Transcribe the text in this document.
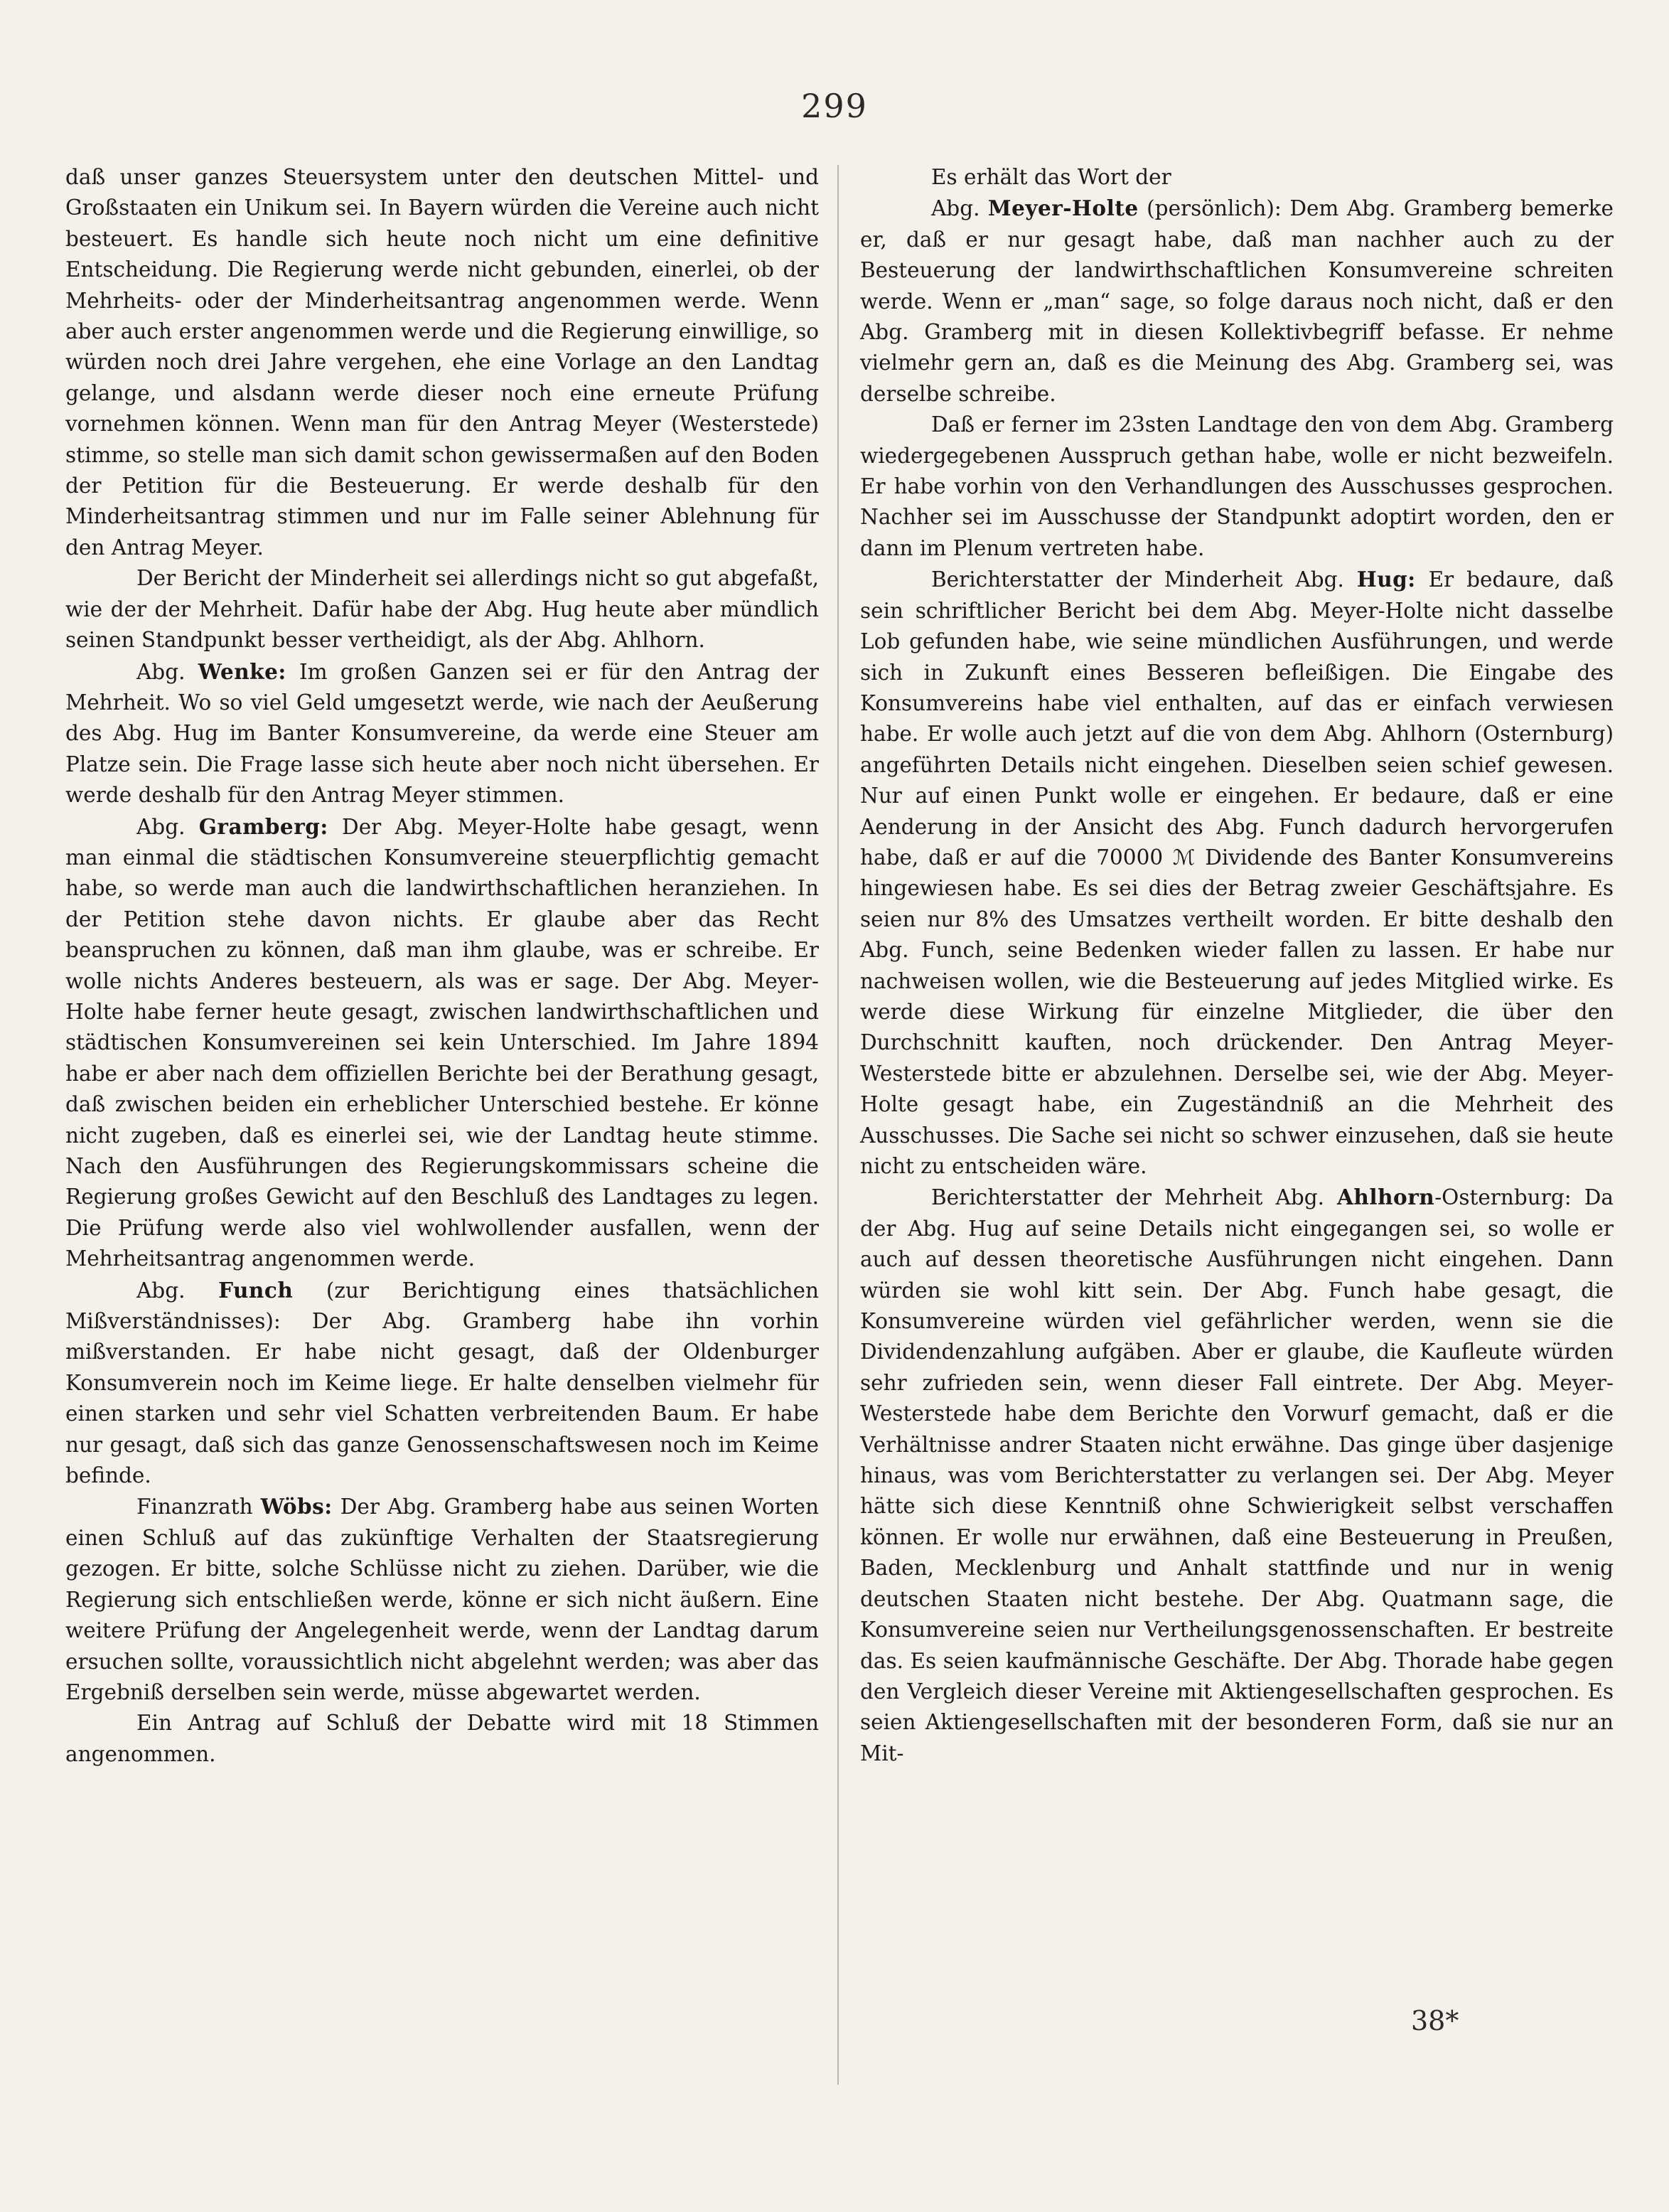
299

daß unser ganzes Steuersystem unter den deutschen Mittel- und Großstaaten ein Unikum sei. In Bayern würden die Vereine auch nicht besteuert. Es handle sich heute noch nicht um eine definitive Entscheidung. Die Regierung werde nicht gebunden, einerlei, ob der Mehrheits- oder der Minderheitsantrag angenommen werde. Wenn aber auch erster angenommen werde und die Regierung einwillige, so würden noch drei Jahre vergehen, ehe eine Vorlage an den Landtag gelange, und alsdann werde dieser noch eine erneute Prüfung vornehmen können. Wenn man für den Antrag Meyer (Westerstede) stimme, so stelle man sich damit schon gewissermaßen auf den Boden der Petition für die Besteuerung. Er werde deshalb für den Minderheitsantrag stimmen und nur im Falle seiner Ablehnung für den Antrag Meyer.

Der Bericht der Minderheit sei allerdings nicht so gut abgefaßt, wie der der Mehrheit. Dafür habe der Abg. Hug heute aber mündlich seinen Standpunkt besser vertheidigt, als der Abg. Ahlhorn.

Abg. Wenke: Im großen Ganzen sei er für den Antrag der Mehrheit. Wo so viel Geld umgesetzt werde, wie nach der Aeußerung des Abg. Hug im Banter Konsumvereine, da werde eine Steuer am Platze sein. Die Frage lasse sich heute aber noch nicht übersehen. Er werde deshalb für den Antrag Meyer stimmen.

Abg. Gramberg: Der Abg. Meyer-Holte habe gesagt, wenn man einmal die städtischen Konsumvereine steuerpflichtig gemacht habe, so werde man auch die landwirthschaftlichen heranziehen. In der Petition stehe davon nichts. Er glaube aber das Recht beanspruchen zu können, daß man ihm glaube, was er schreibe. Er wolle nichts Anderes besteuern, als was er sage. Der Abg. Meyer-Holte habe ferner heute gesagt, zwischen landwirthschaftlichen und städtischen Konsumvereinen sei kein Unterschied. Im Jahre 1894 habe er aber nach dem offiziellen Berichte bei der Berathung gesagt, daß zwischen beiden ein erheblicher Unterschied bestehe. Er könne nicht zugeben, daß es einerlei sei, wie der Landtag heute stimme. Nach den Ausführungen des Regierungskommissars scheine die Regierung großes Gewicht auf den Beschluß des Landtages zu legen. Die Prüfung werde also viel wohlwollender ausfallen, wenn der Mehrheitsantrag angenommen werde.

Abg. Funch (zur Berichtigung eines thatsächlichen Mißverständnisses): Der Abg. Gramberg habe ihn vorhin mißverstanden. Er habe nicht gesagt, daß der Oldenburger Konsumverein noch im Keime liege. Er halte denselben vielmehr für einen starken und sehr viel Schatten verbreitenden Baum. Er habe nur gesagt, daß sich das ganze Genossenschaftswesen noch im Keime befinde.

Finanzrath Wöbs: Der Abg. Gramberg habe aus seinen Worten einen Schluß auf das zukünftige Verhalten der Staatsregierung gezogen. Er bitte, solche Schlüsse nicht zu ziehen. Darüber, wie die Regierung sich entschließen werde, könne er sich nicht äußern. Eine weitere Prüfung der Angelegenheit werde, wenn der Landtag darum ersuchen sollte, voraussichtlich nicht abgelehnt werden; was aber das Ergebniß derselben sein werde, müsse abgewartet werden.

Ein Antrag auf Schluß der Debatte wird mit 18 Stimmen angenommen.

Es erhält das Wort der

Abg. Meyer-Holte (persönlich): Dem Abg. Gramberg bemerke er, daß er nur gesagt habe, daß man nachher auch zu der Besteuerung der landwirthschaftlichen Konsumvereine schreiten werde. Wenn er „man“ sage, so folge daraus noch nicht, daß er den Abg. Gramberg mit in diesen Kollektivbegriff befasse. Er nehme vielmehr gern an, daß es die Meinung des Abg. Gramberg sei, was derselbe schreibe.

Daß er ferner im 23sten Landtage den von dem Abg. Gramberg wiedergegebenen Ausspruch gethan habe, wolle er nicht bezweifeln. Er habe vorhin von den Verhandlungen des Ausschusses gesprochen. Nachher sei im Ausschusse der Standpunkt adoptirt worden, den er dann im Plenum vertreten habe.

Berichterstatter der Minderheit Abg. Hug: Er bedaure, daß sein schriftlicher Bericht bei dem Abg. Meyer-Holte nicht dasselbe Lob gefunden habe, wie seine mündlichen Ausführungen, und werde sich in Zukunft eines Besseren befleißigen. Die Eingabe des Konsumvereins habe viel enthalten, auf das er einfach verwiesen habe. Er wolle auch jetzt auf die von dem Abg. Ahlhorn (Osternburg) angeführten Details nicht eingehen. Dieselben seien schief gewesen. Nur auf einen Punkt wolle er eingehen. Er bedaure, daß er eine Aenderung in der Ansicht des Abg. Funch dadurch hervorgerufen habe, daß er auf die 70000 ℳ Dividende des Banter Konsumvereins hingewiesen habe. Es sei dies der Betrag zweier Geschäftsjahre. Es seien nur 8% des Umsatzes vertheilt worden. Er bitte deshalb den Abg. Funch, seine Bedenken wieder fallen zu lassen. Er habe nur nachweisen wollen, wie die Besteuerung auf jedes Mitglied wirke. Es werde diese Wirkung für einzelne Mitglieder, die über den Durchschnitt kauften, noch drückender. Den Antrag Meyer-Westerstede bitte er abzulehnen. Derselbe sei, wie der Abg. Meyer-Holte gesagt habe, ein Zugeständniß an die Mehrheit des Ausschusses. Die Sache sei nicht so schwer einzusehen, daß sie heute nicht zu entscheiden wäre.

Berichterstatter der Mehrheit Abg. Ahlhorn-Osternburg: Da der Abg. Hug auf seine Details nicht eingegangen sei, so wolle er auch auf dessen theoretische Ausführungen nicht eingehen. Dann würden sie wohl kitt sein. Der Abg. Funch habe gesagt, die Konsumvereine würden viel gefährlicher werden, wenn sie die Dividendenzahlung aufgäben. Aber er glaube, die Kaufleute würden sehr zufrieden sein, wenn dieser Fall eintrete. Der Abg. Meyer-Westerstede habe dem Berichte den Vorwurf gemacht, daß er die Verhältnisse andrer Staaten nicht erwähne. Das ginge über dasjenige hinaus, was vom Berichterstatter zu verlangen sei. Der Abg. Meyer hätte sich diese Kenntniß ohne Schwierigkeit selbst verschaffen können. Er wolle nur erwähnen, daß eine Besteuerung in Preußen, Baden, Mecklenburg und Anhalt stattfinde und nur in wenig deutschen Staaten nicht bestehe. Der Abg. Quatmann sage, die Konsumvereine seien nur Vertheilungsgenossenschaften. Er bestreite das. Es seien kaufmännische Geschäfte. Der Abg. Thorade habe gegen den Vergleich dieser Vereine mit Aktiengesellschaften gesprochen. Es seien Aktiengesellschaften mit der besonderen Form, daß sie nur an Mit-

38*
